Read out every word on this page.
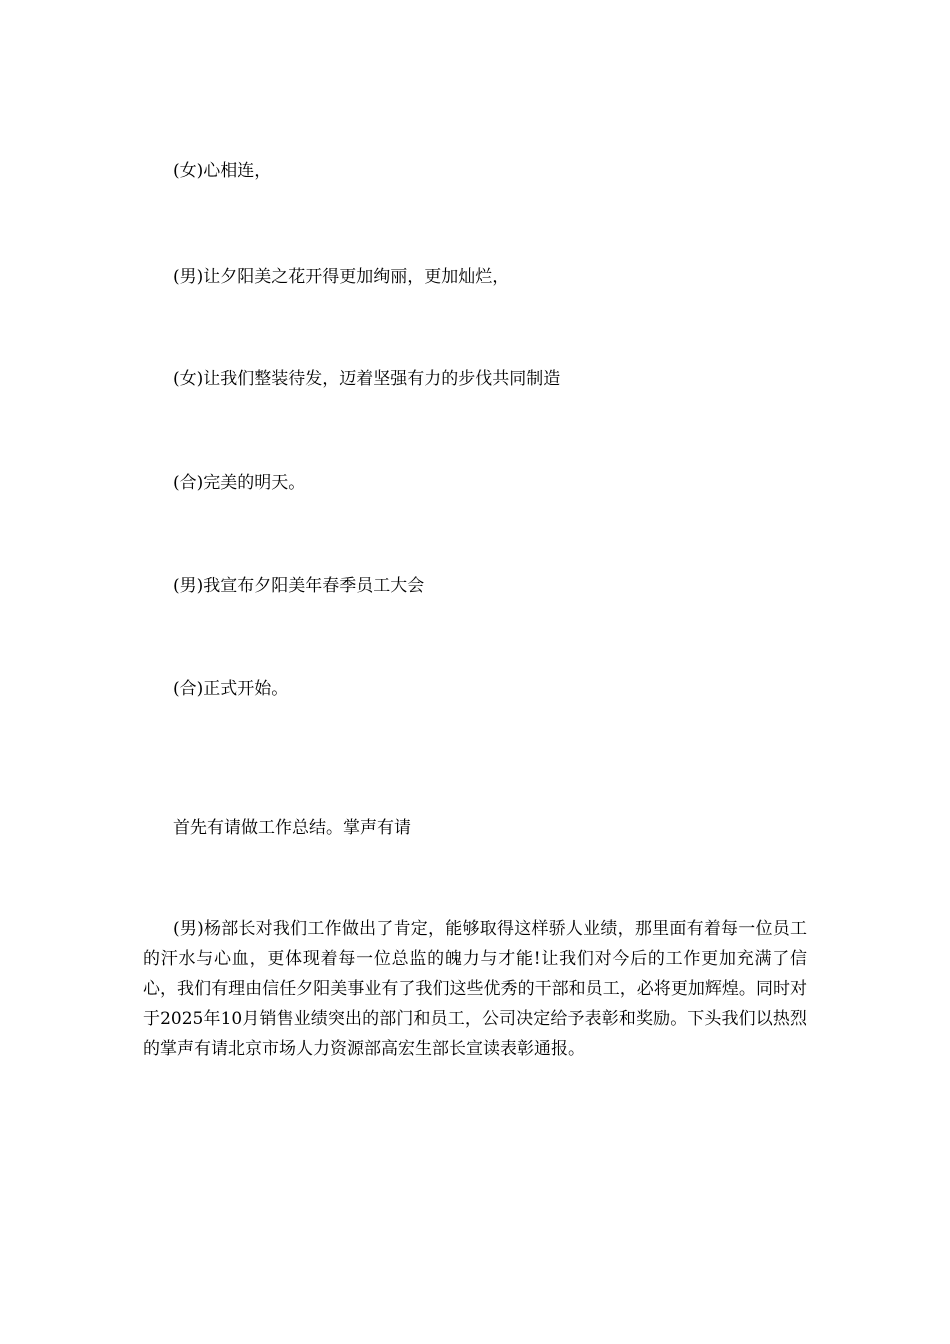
(女)心相连，
(男)让夕阳美之花开得更加绚丽，更加灿烂，
(女)让我们整装待发，迈着坚强有力的步伐共同制造
(合)完美的明天。
(男)我宣布夕阳美年春季员工大会
(合)正式开始。
首先有请做工作总结。掌声有请
(男)杨部长对我们工作做出了肯定，能够取得这样骄人业绩，那里面有着每一位员工的汗水与心血，更体现着每一位总监的魄力与才能!让我们对今后的工作更加充满了信心，我们有理由信任夕阳美事业有了我们这些优秀的干部和员工，必将更加辉煌。同时对于2025年10月销售业绩突出的部门和员工，公司决定给予表彰和奖励。下头我们以热烈的掌声有请北京市场人力资源部高宏生部长宣读表彰通报。
